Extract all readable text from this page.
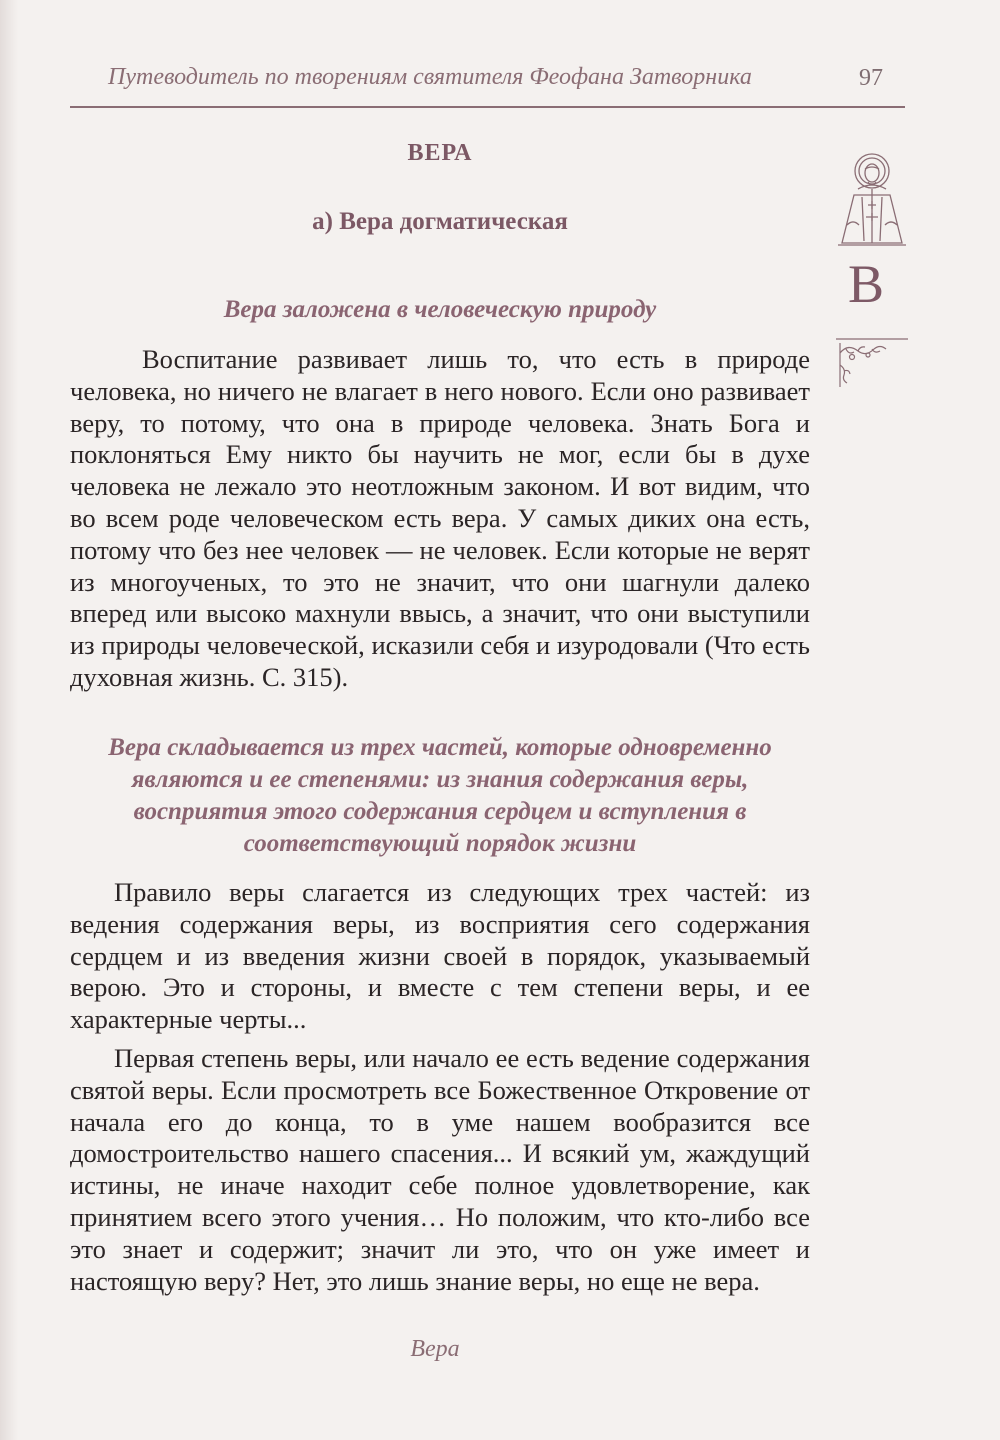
Путеводитель по творениям святителя Феофана Затворника	97
В
ВЕРА
а) Вера догматическая
Вера заложена в человеческую природу
Воспитание развивает лишь то, что есть в природе человека, но ничего не влагает в него нового. Если оно развивает веру, то потому, что она в природе человека. Знать Бога и поклоняться Ему никто бы научить не мог, если бы в духе человека не лежало это неотложным законом. И вот видим, что во всем роде человеческом есть вера. У самых диких она есть, потому что без нее человек — не человек. Если которые не верят из многоученых, то это не значит, что они шагнули далеко вперед или высоко махнули ввысь, а значит, что они выступили из природы человеческой, исказили себя и изуродовали (Что есть духовная жизнь. С. 315).
Вера складывается из трех частей, которые одновременно являются и ее степенями: из знания содержания веры, восприятия этого содержания сердцем и вступления в соответствующий порядок жизни

Правило веры слагается из следующих трех частей: из ведения содержания веры, из восприятия сего содержания сердцем и из введения жизни своей в порядок, указываемый верою. Это и стороны, и вместе с тем степени веры, и ее характерные черты...

Первая степень веры, или начало ее есть ведение содержания святой веры. Если просмотреть все Божественное Откровение от начала его до конца, то в уме нашем вообразится все домостроительство нашего спасения... И всякий ум, жаждущий истины, не иначе находит себе полное удовлетворение, как принятием всего этого учения… Но положим, что кто-либо все это знает и содержит; значит ли это, что он уже имеет и настоящую веру? Нет, это лишь знание веры, но еще не вера.

Вера
